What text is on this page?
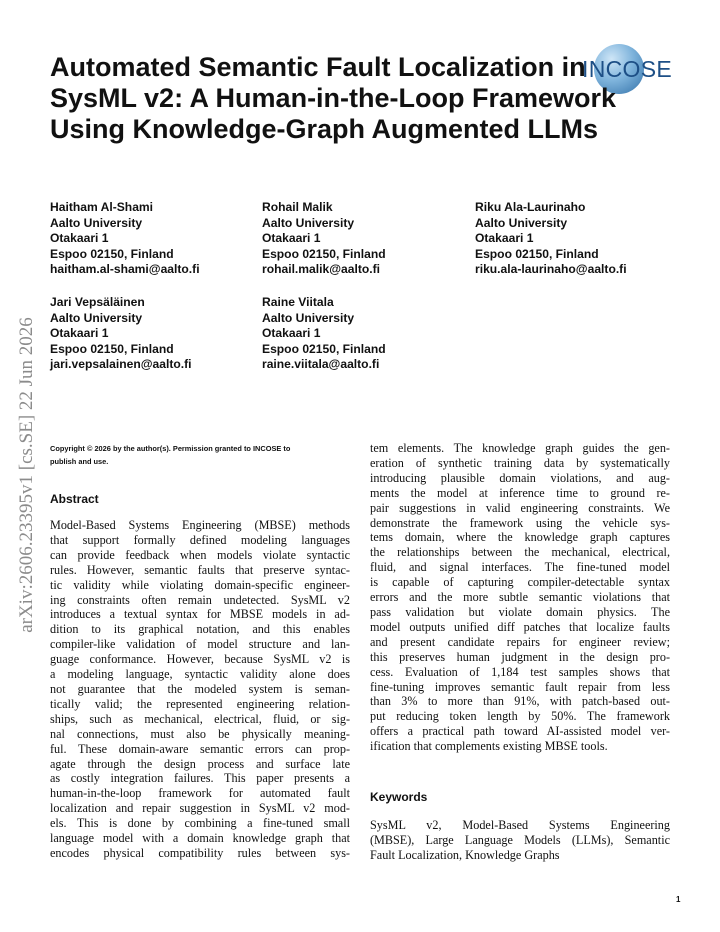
INCOSE
arXiv:2606.23395v1 [cs.SE] 22 Jun 2026
Automated Semantic Fault Localization in
SysML v2: A Human-in-the-Loop Framework
Using Knowledge-Graph Augmented LLMs
Haitham Al-Shami
Aalto University
Otakaari 1
Espoo 02150, Finland
haitham.al-shami@aalto.fi
Rohail Malik
Aalto University
Otakaari 1
Espoo 02150, Finland
rohail.malik@aalto.fi
Riku Ala-Laurinaho
Aalto University
Otakaari 1
Espoo 02150, Finland
riku.ala-laurinaho@aalto.fi
Jari Vepsäläinen
Aalto University
Otakaari 1
Espoo 02150, Finland
jari.vepsalainen@aalto.fi
Raine Viitala
Aalto University
Otakaari 1
Espoo 02150, Finland
raine.viitala@aalto.fi
Copyright © 2026 by the author(s). Permission granted to INCOSE to
publish and use.
Abstract
Model-Based Systems Engineering (MBSE) methods
that support formally defined modeling languages
can provide feedback when models violate syntactic
rules. However, semantic faults that preserve syntac-
tic validity while violating domain-specific engineer-
ing constraints often remain undetected. SysML v2
introduces a textual syntax for MBSE models in ad-
dition to its graphical notation, and this enables
compiler-like validation of model structure and lan-
guage conformance. However, because SysML v2 is
a modeling language, syntactic validity alone does
not guarantee that the modeled system is seman-
tically valid; the represented engineering relation-
ships, such as mechanical, electrical, fluid, or sig-
nal connections, must also be physically meaning-
ful. These domain-aware semantic errors can prop-
agate through the design process and surface late
as costly integration failures. This paper presents a
human-in-the-loop framework for automated fault
localization and repair suggestion in SysML v2 mod-
els. This is done by combining a fine-tuned small
language model with a domain knowledge graph that
encodes physical compatibility rules between sys-
tem elements. The knowledge graph guides the gen-
eration of synthetic training data by systematically
introducing plausible domain violations, and aug-
ments the model at inference time to ground re-
pair suggestions in valid engineering constraints. We
demonstrate the framework using the vehicle sys-
tems domain, where the knowledge graph captures
the relationships between the mechanical, electrical,
fluid, and signal interfaces. The fine-tuned model
is capable of capturing compiler-detectable syntax
errors and the more subtle semantic violations that
pass validation but violate domain physics. The
model outputs unified diff patches that localize faults
and present candidate repairs for engineer review;
this preserves human judgment in the design pro-
cess. Evaluation of 1,184 test samples shows that
fine-tuning improves semantic fault repair from less
than 3% to more than 91%, with patch-based out-
put reducing token length by 50%. The framework
offers a practical path toward AI-assisted model ver-
ification that complements existing MBSE tools.
Keywords
SysML v2, Model-Based Systems Engineering
(MBSE), Large Language Models (LLMs), Semantic
Fault Localization, Knowledge Graphs
1
